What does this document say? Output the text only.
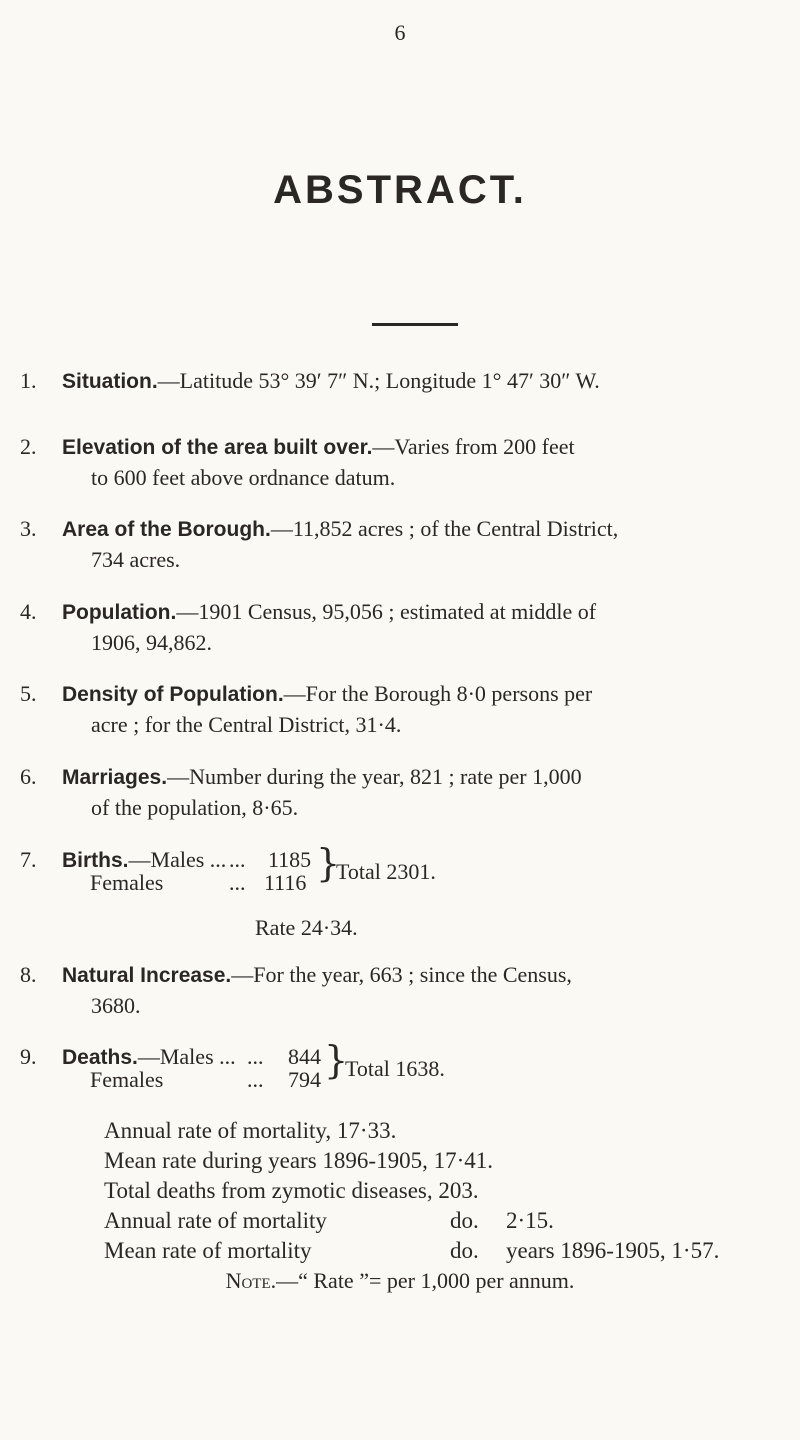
6
ABSTRACT.
1. Situation.—Latitude 53° 39′ 7″ N.; Longitude 1° 47′ 30″ W.
2. Elevation of the area built over.—Varies from 200 feet
to 600 feet above ordnance datum.
3. Area of the Borough.—11,852 acres ; of the Central District,
734 acres.
4. Population.—1901 Census, 95,056 ; estimated at middle of
1906, 94,862.
5. Density of Population.—For the Borough 8·0 persons per
acre ; for the Central District, 31·4.
6. Marriages.—Number during the year, 821 ; rate per 1,000
of the population, 8·65.
7. Births.—Males ... ... 1185
Females	... 1116 }
Total 2301.
Rate 24·34.
8. Natural Increase.—For the year, 663 ; since the Census,
3680.
9. Deaths.—Males ... ... 844
Females	... 794 }
Total 1638.
Annual rate of mortality, 17·33.
Mean rate during years 1896-1905, 17·41.
Total deaths from zymotic diseases, 203.
Annual rate of mortality	do. 2·15.
Mean rate of mortality	do. years 1896-1905, 1·57.
Note.—“ Rate ”= per 1,000 per annum.
